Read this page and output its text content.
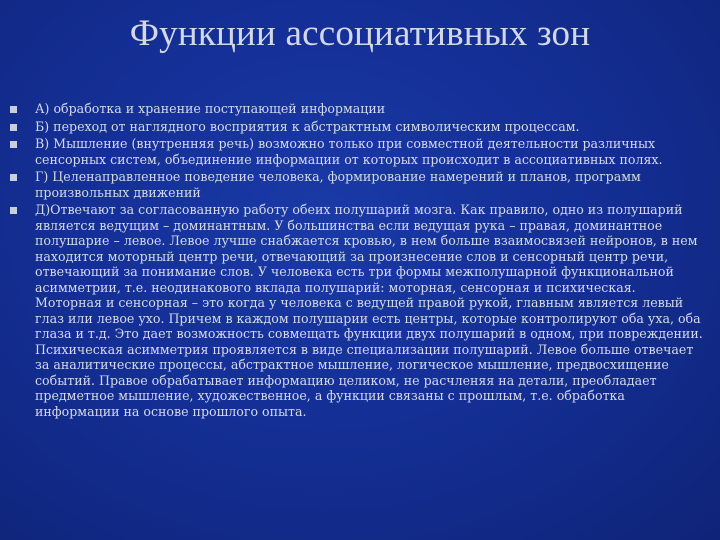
Функции ассоциативных зон
А) обработка и хранение поступающей информации
Б) переход от наглядного восприятия к абстрактным символическим процессам.
В) Мышление (внутренняя речь) возможно только при совместной деятельности различных сенсорных систем, объединение информации от которых происходит в ассоциативных полях.
Г) Целенаправленное поведение человека, формирование намерений и планов, программ произвольных движений
Д)Отвечают за согласованную работу обеих полушарий мозга. Как правило, одно из полушарий является ведущим – доминантным. У большинства если ведущая рука – правая, доминантное полушарие – левое. Левое лучше снабжается кровью, в нем больше взаимосвязей нейронов, в нем находится моторный центр речи, отвечающий за произнесение слов и сенсорный центр речи, отвечающий за понимание слов. У человека есть три формы межполушарной функциональной асимметрии, т.е. неодинакового вклада полушарий: моторная, сенсорная и психическая. Моторная и сенсорная – это когда у человека с ведущей правой рукой, главным является левый глаз или левое ухо. Причем в каждом полушарии есть центры, которые контролируют оба уха, оба глаза и т.д. Это дает возможность совмещать функции двух полушарий в одном, при повреждении. Психическая асимметрия проявляется в виде специализации полушарий. Левое больше отвечает за аналитические процессы, абстрактное мышление, логическое мышление, предвосхищение событий. Правое обрабатывает информацию целиком, не расчленяя на детали, преобладает предметное мышление, художественное, а функции связаны с прошлым, т.е. обработка информации на основе прошлого опыта.
